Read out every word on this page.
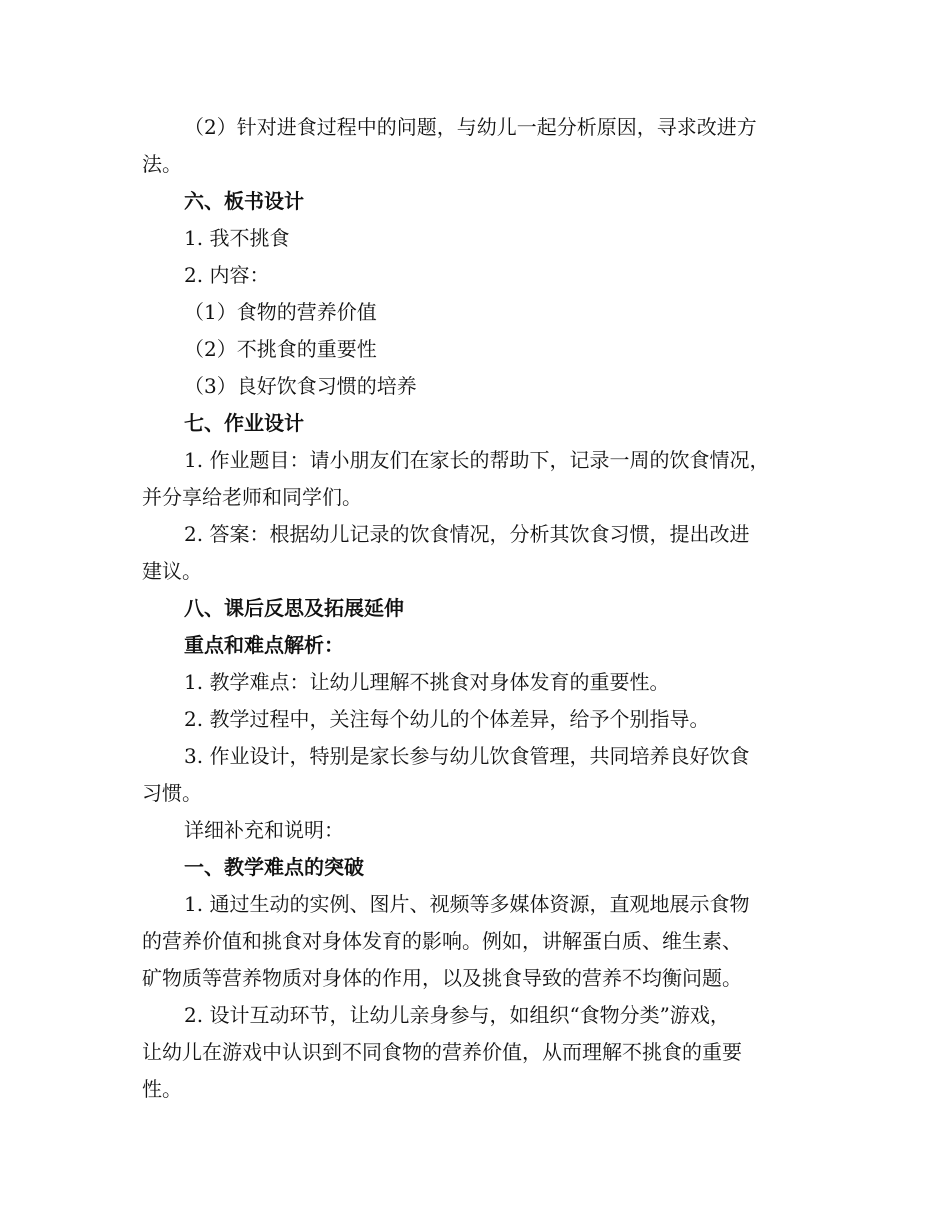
（2）针对进食过程中的问题，与幼儿一起分析原因，寻求改进方
法。
六、板书设计
1. 我不挑食
2. 内容：
（1）食物的营养价值
（2）不挑食的重要性
（3）良好饮食习惯的培养
七、作业设计
1. 作业题目：请小朋友们在家长的帮助下，记录一周的饮食情况，
并分享给老师和同学们。
2. 答案：根据幼儿记录的饮食情况，分析其饮食习惯，提出改进
建议。
八、课后反思及拓展延伸
重点和难点解析：
1. 教学难点：让幼儿理解不挑食对身体发育的重要性。
2. 教学过程中，关注每个幼儿的个体差异，给予个别指导。
3. 作业设计，特别是家长参与幼儿饮食管理，共同培养良好饮食
习惯。
详细补充和说明：
一、教学难点的突破
1. 通过生动的实例、图片、视频等多媒体资源，直观地展示食物
的营养价值和挑食对身体发育的影响。例如，讲解蛋白质、维生素、
矿物质等营养物质对身体的作用，以及挑食导致的营养不均衡问题。
2. 设计互动环节，让幼儿亲身参与，如组织“食物分类”游戏，
让幼儿在游戏中认识到不同食物的营养价值，从而理解不挑食的重要
性。
